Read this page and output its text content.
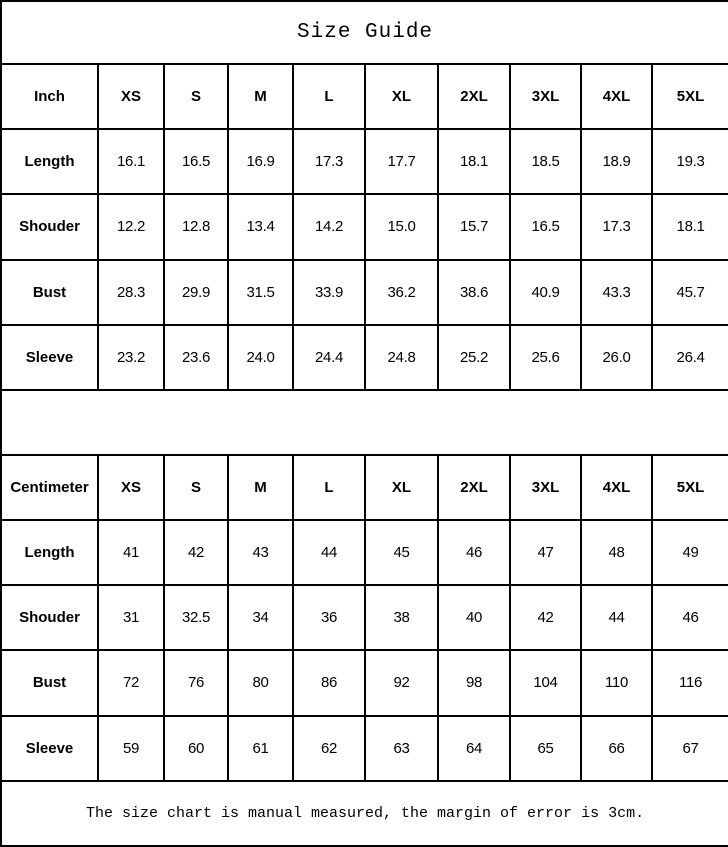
Size Guide									
Inch	XS	S	M	L	XL	2XL	3XL	4XL	5XL
Length	16.1	16.5	16.9	17.3	17.7	18.1	18.5	18.9	19.3
Shouder	12.2	12.8	13.4	14.2	15.0	15.7	16.5	17.3	18.1
Bust	28.3	29.9	31.5	33.9	36.2	38.6	40.9	43.3	45.7
Sleeve	23.2	23.6	24.0	24.4	24.8	25.2	25.6	26.0	26.4

Centimeter	XS	S	M	L	XL	2XL	3XL	4XL	5XL
Length	41	42	43	44	45	46	47	48	49
Shouder	31	32.5	34	36	38	40	42	44	46
Bust	72	76	80	86	92	98	104	110	116
Sleeve	59	60	61	62	63	64	65	66	67
The size chart is manual measured, the margin of error is 3cm.									
